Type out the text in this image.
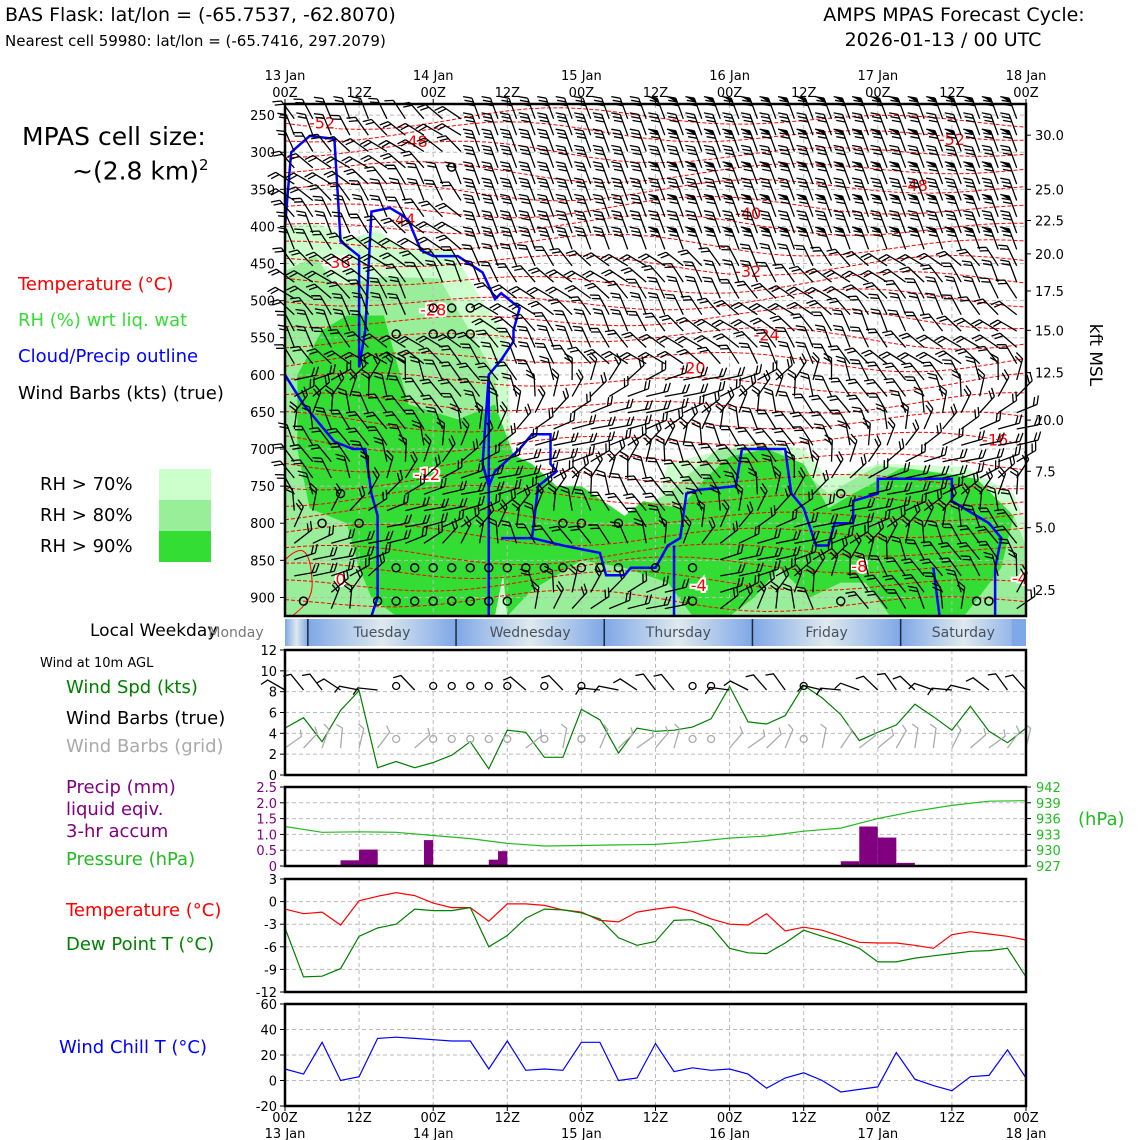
BAS Flask: lat/lon = (-65.7537, -62.8070)
Nearest cell 59980: lat/lon = (-65.7416, 297.2079)
AMPS MPAS Forecast Cycle:
2026-01-13 / 00 UTC
MPAS cell size:
~(2.8 km)$^2$
Temperature (°C)
RH (%) wrt liq. wat
Cloud/Precip outline
Wind Barbs (kts) (true)
RH > 70%
RH > 80%
RH > 90%
Local Weekday
Wind at 10m AGL
Wind Spd (kts)
Wind Barbs (true)
Wind Barbs (grid)
Precip (mm)
liquid eqiv.
3-hr accum
Pressure (hPa)
(hPa)
Temperature (°C)
Dew Point T (°C)
Wind Chill T (°C)
-52
-48	-52
-48
-44	-40
-36	-32
-28
-24
-20
-16
-12
-8
-4	-4
0
250
300
350
400
450
500
550
600
650
700
750
800
850
900
30.0
25.0
22.5
20.0
17.5
15.0
12.5
10.0
7.5
5.0
2.5
kft MSL
00Z
13 Jan
12Z	00Z
14 Jan
12Z	00Z
15 Jan
12Z	00Z
16 Jan
12Z	00Z
17 Jan
12Z	00Z
18 Jan
Monday	Tuesday	Wednesday	Thursday	Friday	Saturday
0
2
4
6
8
10
12
0
0.5
1.0
1.5
2.0
2.5
927
930
933
936
939
942
-12
-9
-6
-3
0
3
-20
0
20
40
60
00Z
13 Jan
12Z	00Z
14 Jan
12Z	00Z
15 Jan
12Z	00Z
16 Jan
12Z	00Z
17 Jan
12Z	00Z
18 Jan
